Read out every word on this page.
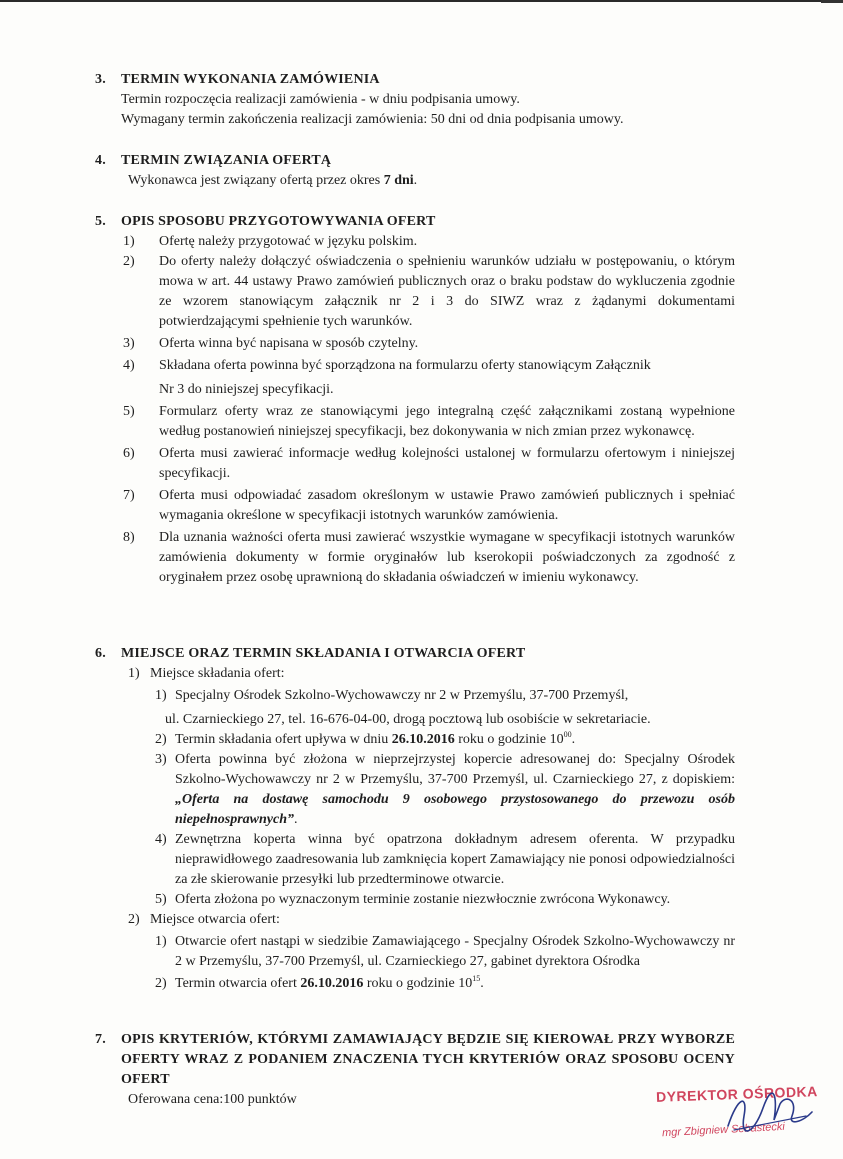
3. TERMIN WYKONANIA ZAMÓWIENIA
Termin rozpoczęcia realizacji zamówienia - w dniu podpisania umowy.
Wymagany termin zakończenia realizacji zamówienia: 50 dni od dnia podpisania umowy.
4. TERMIN ZWIĄZANIA OFERTĄ
Wykonawca jest związany ofertą przez okres 7 dni.
5. OPIS SPOSOBU PRZYGOTOWYWANIA OFERT
1)	Ofertę należy przygotować w języku polskim.
2)	Do oferty należy dołączyć oświadczenia o spełnieniu warunków udziału w postępowaniu, o którym mowa w art. 44 ustawy Prawo zamówień publicznych oraz o braku podstaw do wykluczenia zgodnie ze wzorem stanowiącym załącznik nr 2 i 3 do SIWZ wraz z żądanymi dokumentami potwierdzającymi spełnienie tych warunków.
3)	Oferta winna być napisana w sposób czytelny.
4)	Składana oferta powinna być sporządzona na formularzu oferty stanowiącym Załącznik
Nr 3 do niniejszej specyfikacji.
5)	Formularz oferty wraz ze stanowiącymi jego integralną część załącznikami zostaną wypełnione według postanowień niniejszej specyfikacji, bez dokonywania w nich zmian przez wykonawcę.
6)	Oferta musi zawierać informacje według kolejności ustalonej w formularzu ofertowym i niniejszej specyfikacji.
7)	Oferta musi odpowiadać zasadom określonym w ustawie Prawo zamówień publicznych i spełniać wymagania określone w specyfikacji istotnych warunków zamówienia.
8)	Dla uznania ważności oferta musi zawierać wszystkie wymagane w specyfikacji istotnych warunków zamówienia dokumenty w formie oryginałów lub kserokopii poświadczonych za zgodność z oryginałem przez osobę uprawnioną do składania oświadczeń w imieniu wykonawcy.
6. MIEJSCE ORAZ TERMIN SKŁADANIA I OTWARCIA OFERT
1) Miejsce składania ofert:
1) Specjalny Ośrodek Szkolno-Wychowawczy nr 2 w Przemyślu, 37-700 Przemyśl,
ul. Czarnieckiego 27, tel. 16-676-04-00, drogą pocztową lub osobiście w sekretariacie.
2) Termin składania ofert upływa w dniu 26.10.2016 roku o godzinie $10^{00}$.
3) Oferta powinna być złożona w nieprzejrzystej kopercie adresowanej do: Specjalny Ośrodek Szkolno-Wychowawczy nr 2 w Przemyślu, 37-700 Przemyśl, ul. Czarnieckiego 27, z dopiskiem: „Oferta na dostawę samochodu 9 osobowego przystosowanego do przewozu osób niepełnosprawnych”.
4) Zewnętrzna koperta winna być opatrzona dokładnym adresem oferenta. W przypadku nieprawidłowego zaadresowania lub zamknięcia kopert Zamawiający nie ponosi odpowiedzialności za złe skierowanie przesyłki lub przedterminowe otwarcie.
5) Oferta złożona po wyznaczonym terminie zostanie niezwłocznie zwrócona Wykonawcy.
2) Miejsce otwarcia ofert:
1) Otwarcie ofert nastąpi w siedzibie Zamawiającego - Specjalny Ośrodek Szkolno-Wychowawczy nr 2 w Przemyślu, 37-700 Przemyśl, ul. Czarnieckiego 27, gabinet dyrektora Ośrodka
2) Termin otwarcia ofert 26.10.2016 roku o godzinie $10^{15}$.
7.	OPIS KRYTERIÓW, KTÓRYMI ZAMAWIAJĄCY BĘDZIE SIĘ KIEROWAŁ PRZY WYBORZE OFERTY WRAZ Z PODANIEM ZNACZENIA TYCH KRYTERIÓW ORAZ SPOSOBU OCENY OFERT
Oferowana cena:100 punktów	DYREKTOR OŚRODKA
mgr Zbigniew Sebastecki
